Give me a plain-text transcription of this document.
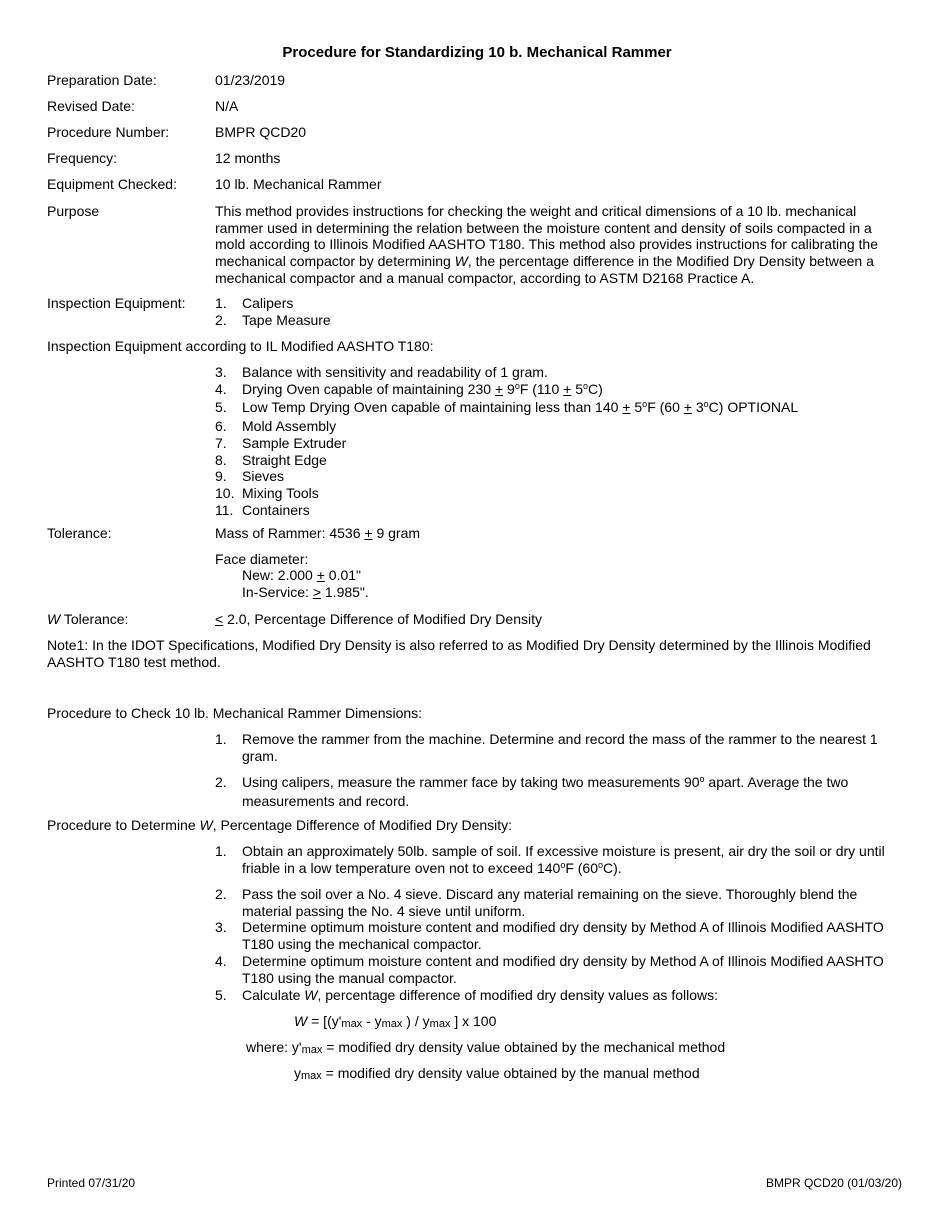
Procedure for Standardizing 10 b. Mechanical Rammer
Preparation Date:	01/23/2019
Revised Date:	N/A
Procedure Number:	BMPR QCD20
Frequency:	12 months
Equipment Checked:	10 lb. Mechanical Rammer
Purpose	This method provides instructions for checking the weight and critical dimensions of a 10 lb. mechanical
rammer used in determining the relation between the moisture content and density of soils compacted in a
mold according to Illinois Modified AASHTO T180. This method also provides instructions for calibrating the
mechanical compactor by determining W, the percentage difference in the Modified Dry Density between a
mechanical compactor and a manual compactor, according to ASTM D2168 Practice A.
Inspection Equipment: 1. Calipers
2. Tape Measure
Inspection Equipment according to IL Modified AASHTO T180:
3. Balance with sensitivity and readability of 1 gram.
4. Drying Oven capable of maintaining $230 + 9^oF$ $(110 + 5^oC)$
5. Low Temp Drying Oven capable of maintaining less than $140 + 5^oF$ $(60 + 3^oC)$ OPTIONAL
6. Mold Assembly
7. Sample Extruder
8. Straight Edge
9. Sieves
10. Mixing Tools
11. Containers
Tolerance:	Mass of Rammer: 4536 + 9 gram
Face diameter:
New: 2.000 + 0.01"
In-Service: > 1.985".
W Tolerance:	< 2.0, Percentage Difference of Modified Dry Density
Note1: In the IDOT Specifications, Modified Dry Density is also referred to as Modified Dry Density determined by the Illinois Modified
AASHTO T180 test method.
Procedure to Check 10 lb. Mechanical Rammer Dimensions:
1.	Remove the rammer from the machine. Determine and record the mass of the rammer to the nearest 1
gram.
2.	Using calipers, measure the rammer face by taking two measurements 90$^o$ apart. Average the two
measurements and record.
Procedure to Determine W, Percentage Difference of Modified Dry Density:
1.	Obtain an approximately 50lb. sample of soil. If excessive moisture is present, air dry the soil or dry until
friable in a low temperature oven not to exceed 140$^o$F (60$^o$C).
2.	Pass the soil over a No. 4 sieve. Discard any material remaining on the sieve. Thoroughly blend the
material passing the No. 4 sieve until uniform.
3.	Determine optimum moisture content and modified dry density by Method A of Illinois Modified AASHTO
T180 using the mechanical compactor.
4.	Determine optimum moisture content and modified dry density by Method A of Illinois Modified AASHTO
T180 using the manual compactor.
5.	Calculate W, percentage difference of modified dry density values as follows:
$W = [(y'_{max} - y_{max}$ ) / $y_{max}$ ] x 100
where: $y'_{max}$ = modified dry density value obtained by the mechanical method
$y_{max}$ = modified dry density value obtained by the manual method
Printed 07/31/20	BMPR QCD20 (01/03/20)
